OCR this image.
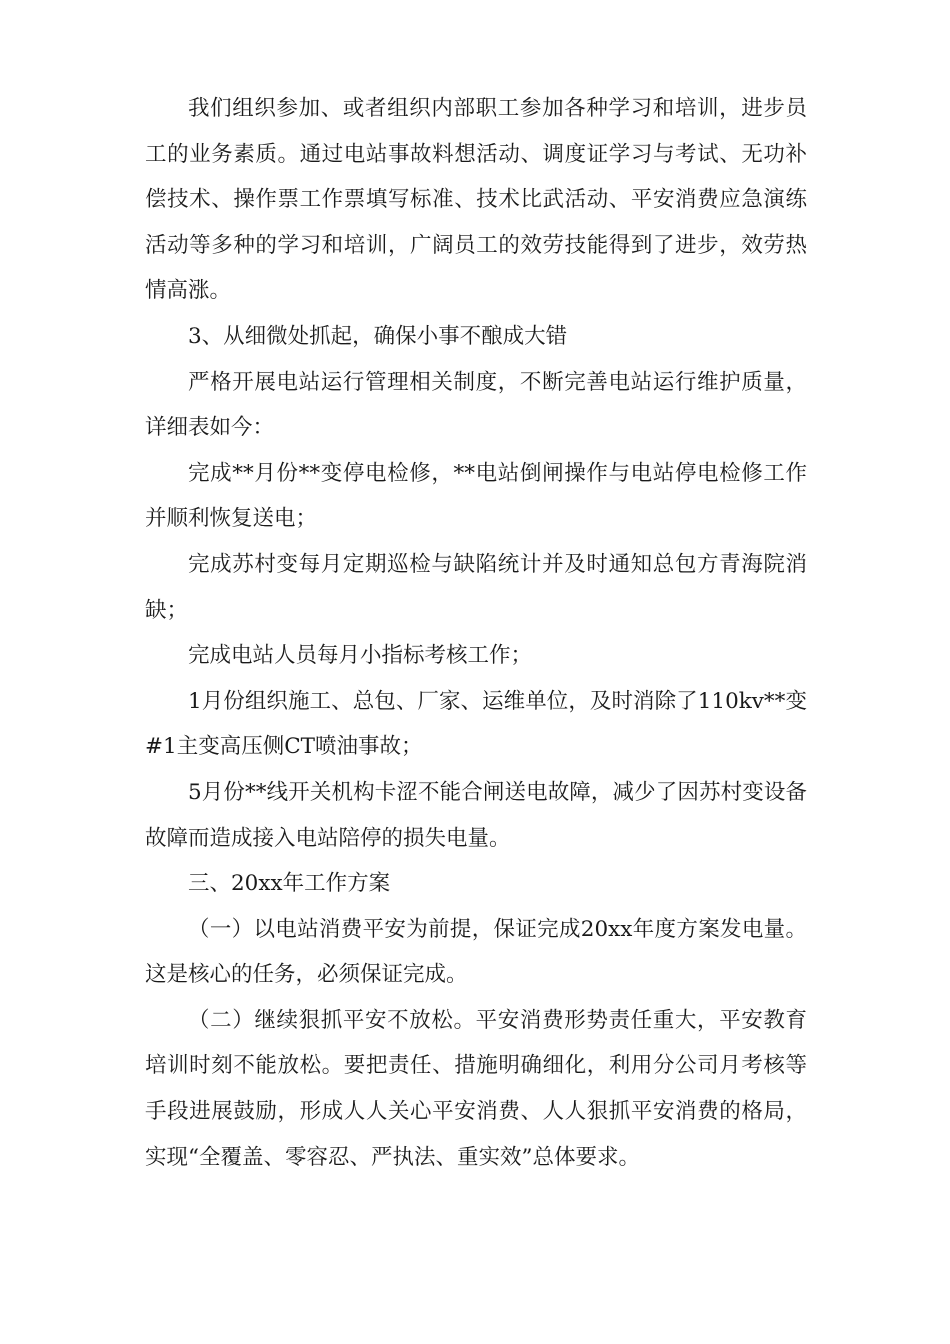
我们组织参加、或者组织内部职工参加各种学习和培训，进步员工的业务素质。通过电站事故料想活动、调度证学习与考试、无功补偿技术、操作票工作票填写标准、技术比武活动、平安消费应急演练活动等多种的学习和培训，广阔员工的效劳技能得到了进步，效劳热情高涨。

3、从细微处抓起，确保小事不酿成大错

严格开展电站运行管理相关制度，不断完善电站运行维护质量，详细表如今：

完成**月份**变停电检修，**电站倒闸操作与电站停电检修工作并顺利恢复送电；

完成苏村变每月定期巡检与缺陷统计并及时通知总包方青海院消缺；

完成电站人员每月小指标考核工作；

1月份组织施工、总包、厂家、运维单位，及时消除了110kv**变#1主变高压侧CT喷油事故；

5月份**线开关机构卡涩不能合闸送电故障，减少了因苏村变设备故障而造成接入电站陪停的损失电量。

三、20xx年工作方案

（一）以电站消费平安为前提，保证完成20xx年度方案发电量。这是核心的任务，必须保证完成。

（二）继续狠抓平安不放松。平安消费形势责任重大，平安教育培训时刻不能放松。要把责任、措施明确细化，利用分公司月考核等手段进展鼓励，形成人人关心平安消费、人人狠抓平安消费的格局，实现“全覆盖、零容忍、严执法、重实效”总体要求。
